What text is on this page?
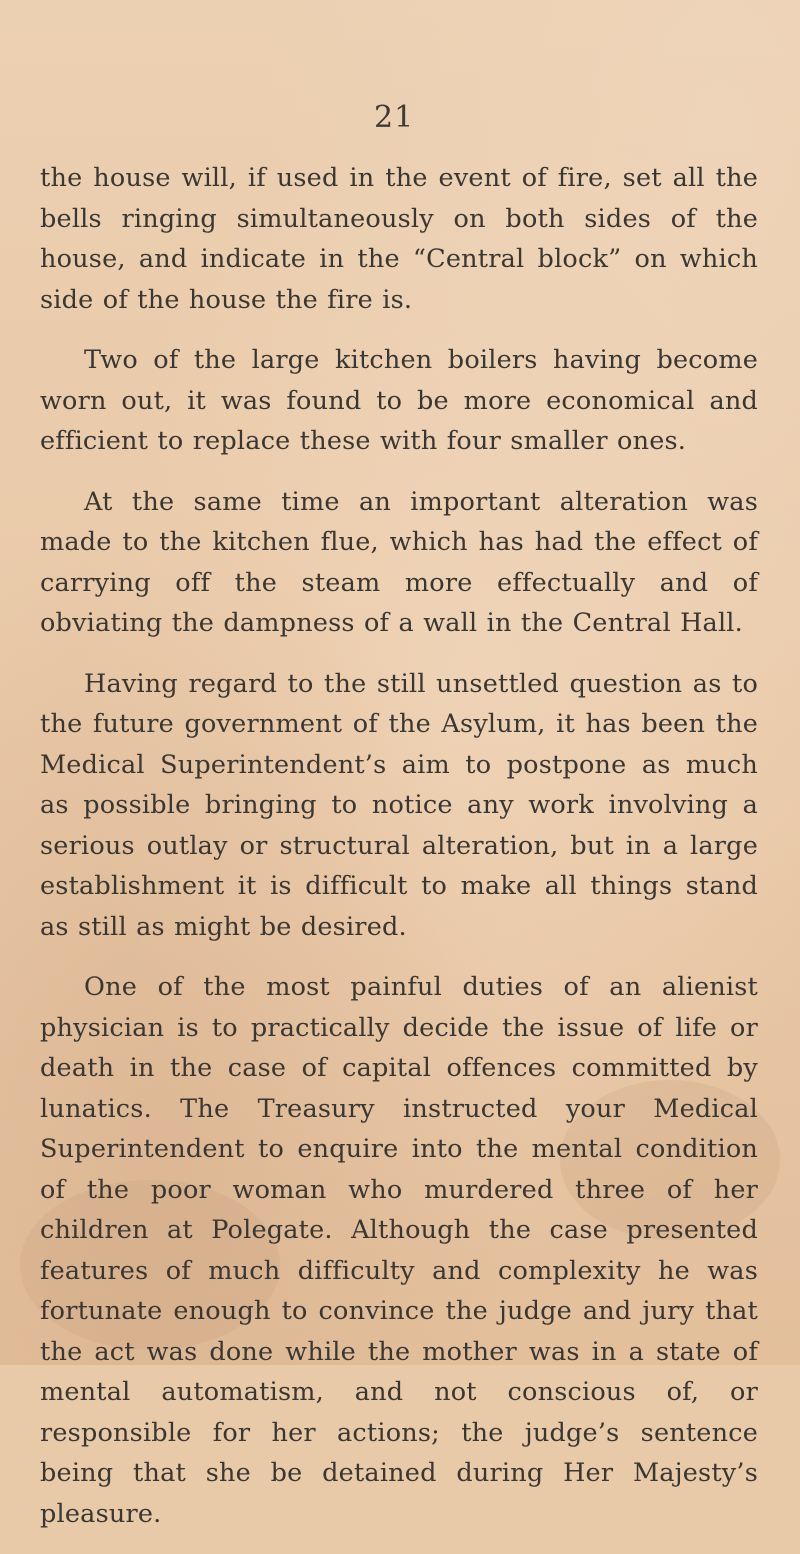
21

the house will, if used in the event of fire, set all the bells ringing simultaneously on both sides of the house, and indicate in the “Central block” on which side of the house the fire is.

Two of the large kitchen boilers having become worn out, it was found to be more economical and efficient to replace these with four smaller ones.

At the same time an important alteration was made to the kitchen flue, which has had the effect of carrying off the steam more effectually and of obviating the dampness of a wall in the Central Hall.

Having regard to the still unsettled question as to the future government of the Asylum, it has been the Medical Superintendent’s aim to postpone as much as possible bringing to notice any work involving a serious outlay or structural alteration, but in a large establishment it is difficult to make all things stand as still as might be desired.

One of the most painful duties of an alienist physician is to practically decide the issue of life or death in the case of capital offences committed by lunatics. The Treasury instructed your Medical Superintendent to enquire into the mental condition of the poor woman who murdered three of her children at Polegate. Although the case presented features of much difficulty and complexity he was fortunate enough to convince the judge and jury that the act was done while the mother was in a state of mental automatism, and not conscious of, or responsible for her actions; the judge’s sentence being that she be detained during Her Majesty’s pleasure.
